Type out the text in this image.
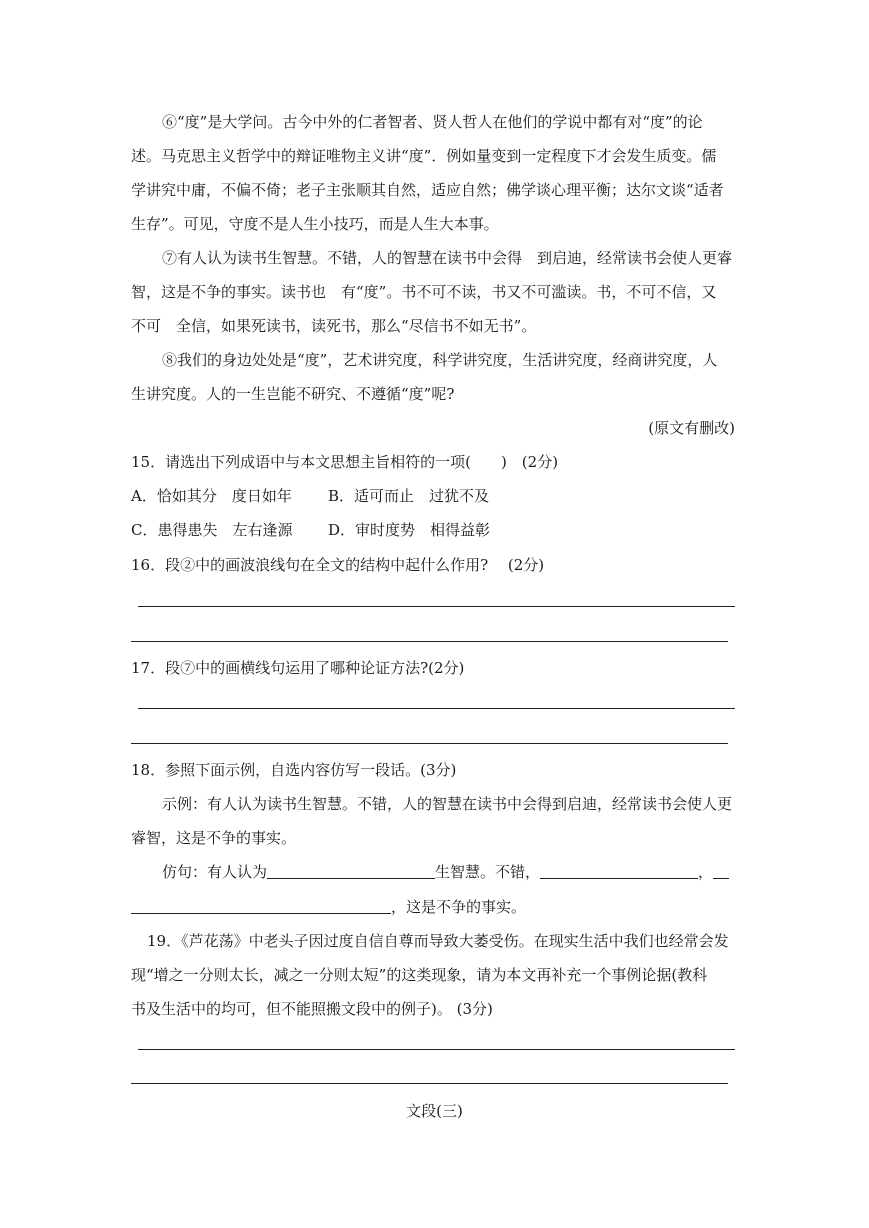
⑥“度”是大学问。古今中外的仁者智者、贤人哲人在他们的学说中都有对“度”的论
述。马克思主义哲学中的辩证唯物主义讲“度”．例如量变到一定程度下才会发生质变。儒
学讲究中庸，不偏不倚；老子主张顺其自然，适应自然；佛学谈心理平衡；达尔文谈“适者
生存”。可见，守度不是人生小技巧，而是人生大本事。
⑦有人认为读书生智慧。不错，人的智慧在读书中会得　到启迪，经常读书会使人更睿
智，这是不争的事实。读书也　有“度”。书不可不读，书又不可滥读。书，不可不信，又
不可　全信，如果死读书，读死书，那么“尽信书不如无书”。
⑧我们的身边处处是“度”，艺术讲究度，科学讲究度，生活讲究度，经商讲究度，人
生讲究度。人的一生岂能不研究、不遵循“度”呢?
(原文有删改)
15．请选出下列成语中与本文思想主旨相符的一项(　　)　(2分)
A．恰如其分　度日如年 B．适可而止　过犹不及
C．患得患失　左右逢源 D．审时度势　相得益彰
16．段②中的画波浪线句在全文的结构中起什么作用?　 (2分)
17．段⑦中的画横线句运用了哪种论证方法?(2分)
18．参照下面示例，自选内容仿写一段话。(3分)
示例：有人认为读书生智慧。不错，人的智慧在读书中会得到启迪，经常读书会使人更
睿智，这是不争的事实。
仿句：有人认为	生智慧。不错，	，
，这是不争的事实。
19．《芦花荡》中老头子因过度自信自尊而导致大萎受伤。在现实生活中我们也经常会发
现“增之一分则太长，减之一分则太短”的这类现象，请为本文再补充一个事例论据(教科
书及生活中的均可，但不能照搬文段中的例子)。 (3分)
文段(三)
